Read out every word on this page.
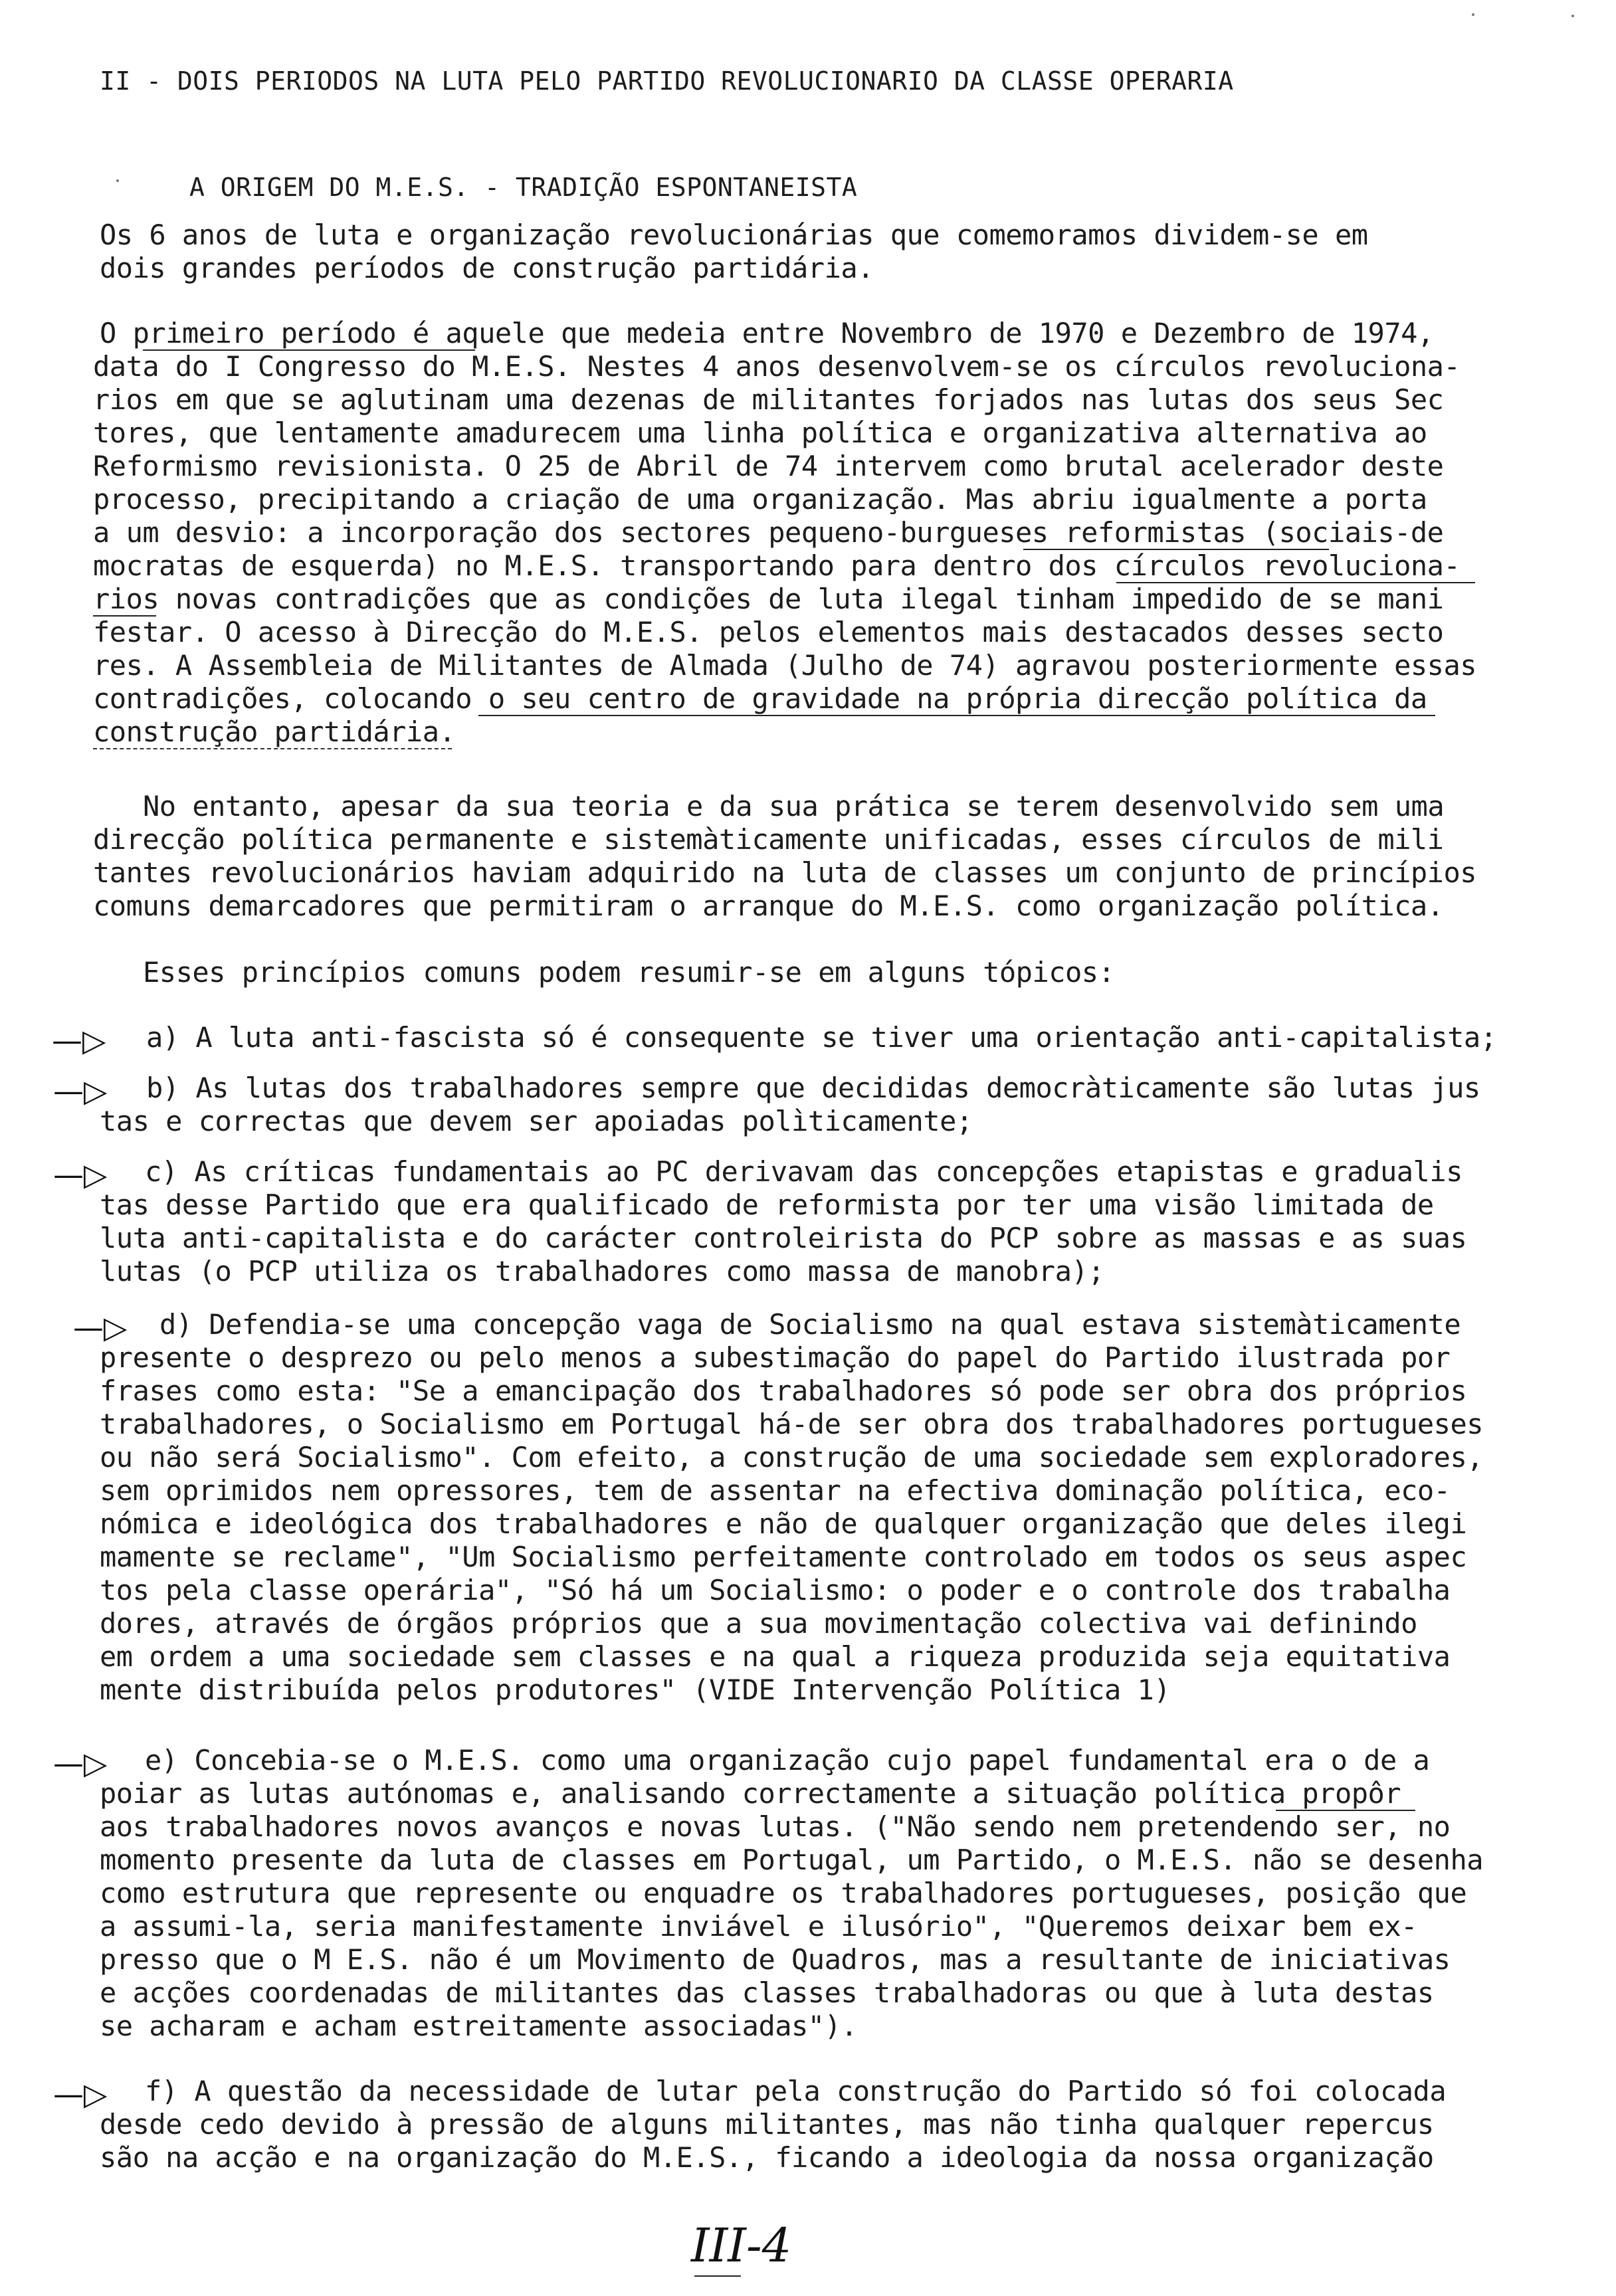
II - DOIS PERIODOS NA LUTA PELO PARTIDO REVOLUCIONARIO DA CLASSE OPERARIA
A ORIGEM DO M.E.S. - TRADIÇÃO ESPONTANEISTA
Os 6 anos de luta e organização revolucionárias que comemoramos dividem-se em
dois grandes períodos de construção partidária.
O primeiro período é aquele que medeia entre Novembro de 1970 e Dezembro de 1974,
data do I Congresso do M.E.S. Nestes 4 anos desenvolvem-se os círculos revoluciona-
rios em que se aglutinam uma dezenas de militantes forjados nas lutas dos seus Sec
tores, que lentamente amadurecem uma linha política e organizativa alternativa ao
Reformismo revisionista. O 25 de Abril de 74 intervem como brutal acelerador deste
processo, precipitando a criação de uma organização. Mas abriu igualmente a porta
a um desvio: a incorporação dos sectores pequeno-burgueses reformistas (sociais-de
mocratas de esquerda) no M.E.S. transportando para dentro dos círculos revoluciona-
rios novas contradições que as condições de luta ilegal tinham impedido de se mani
festar. O acesso à Direcção do M.E.S. pelos elementos mais destacados desses secto
res. A Assembleia de Militantes de Almada (Julho de 74) agravou posteriormente essas
contradições, colocando o seu centro de gravidade na própria direcção política da
construção partidária.
No entanto, apesar da sua teoria e da sua prática se terem desenvolvido sem uma
direcção política permanente e sistemàticamente unificadas, esses círculos de mili
tantes revolucionários haviam adquirido na luta de classes um conjunto de princípios
comuns demarcadores que permitiram o arranque do M.E.S. como organização política.
Esses princípios comuns podem resumir-se em alguns tópicos:
—▷ a) A luta anti-fascista só é consequente se tiver uma orientação anti-capitalista;
—▷ b) As lutas dos trabalhadores sempre que decididas democràticamente são lutas jus
tas e correctas que devem ser apoiadas polìticamente;
—▷ c) As críticas fundamentais ao PC derivavam das concepções etapistas e gradualis
tas desse Partido que era qualificado de reformista por ter uma visão limitada de
luta anti-capitalista e do carácter controleirista do PCP sobre as massas e as suas
lutas (o PCP utiliza os trabalhadores como massa de manobra);
—▷ d) Defendia-se uma concepção vaga de Socialismo na qual estava sistemàticamente
presente o desprezo ou pelo menos a subestimação do papel do Partido ilustrada por
frases como esta: "Se a emancipação dos trabalhadores só pode ser obra dos próprios
trabalhadores, o Socialismo em Portugal há-de ser obra dos trabalhadores portugueses
ou não será Socialismo". Com efeito, a construção de uma sociedade sem exploradores,
sem oprimidos nem opressores, tem de assentar na efectiva dominação política, eco-
nómica e ideológica dos trabalhadores e não de qualquer organização que deles ilegi
mamente se reclame", "Um Socialismo perfeitamente controlado em todos os seus aspec
tos pela classe operária", "Só há um Socialismo: o poder e o controle dos trabalha
dores, através de órgãos próprios que a sua movimentação colectiva vai definindo
em ordem a uma sociedade sem classes e na qual a riqueza produzida seja equitativa
mente distribuída pelos produtores" (VIDE Intervenção Política 1)
—▷ e) Concebia-se o M.E.S. como uma organização cujo papel fundamental era o de a
poiar as lutas autónomas e, analisando correctamente a situação política propôr
aos trabalhadores novos avanços e novas lutas. ("Não sendo nem pretendendo ser, no
momento presente da luta de classes em Portugal, um Partido, o M.E.S. não se desenha
como estrutura que represente ou enquadre os trabalhadores portugueses, posição que
a assumi-la, seria manifestamente inviável e ilusório", "Queremos deixar bem ex-
presso que o M E.S. não é um Movimento de Quadros, mas a resultante de iniciativas
e acções coordenadas de militantes das classes trabalhadoras ou que à luta destas
se acharam e acham estreitamente associadas").
—▷ f) A questão da necessidade de lutar pela construção do Partido só foi colocada
desde cedo devido à pressão de alguns militantes, mas não tinha qualquer repercus
são na acção e na organização do M.E.S., ficando a ideologia da nossa organização
III-4
